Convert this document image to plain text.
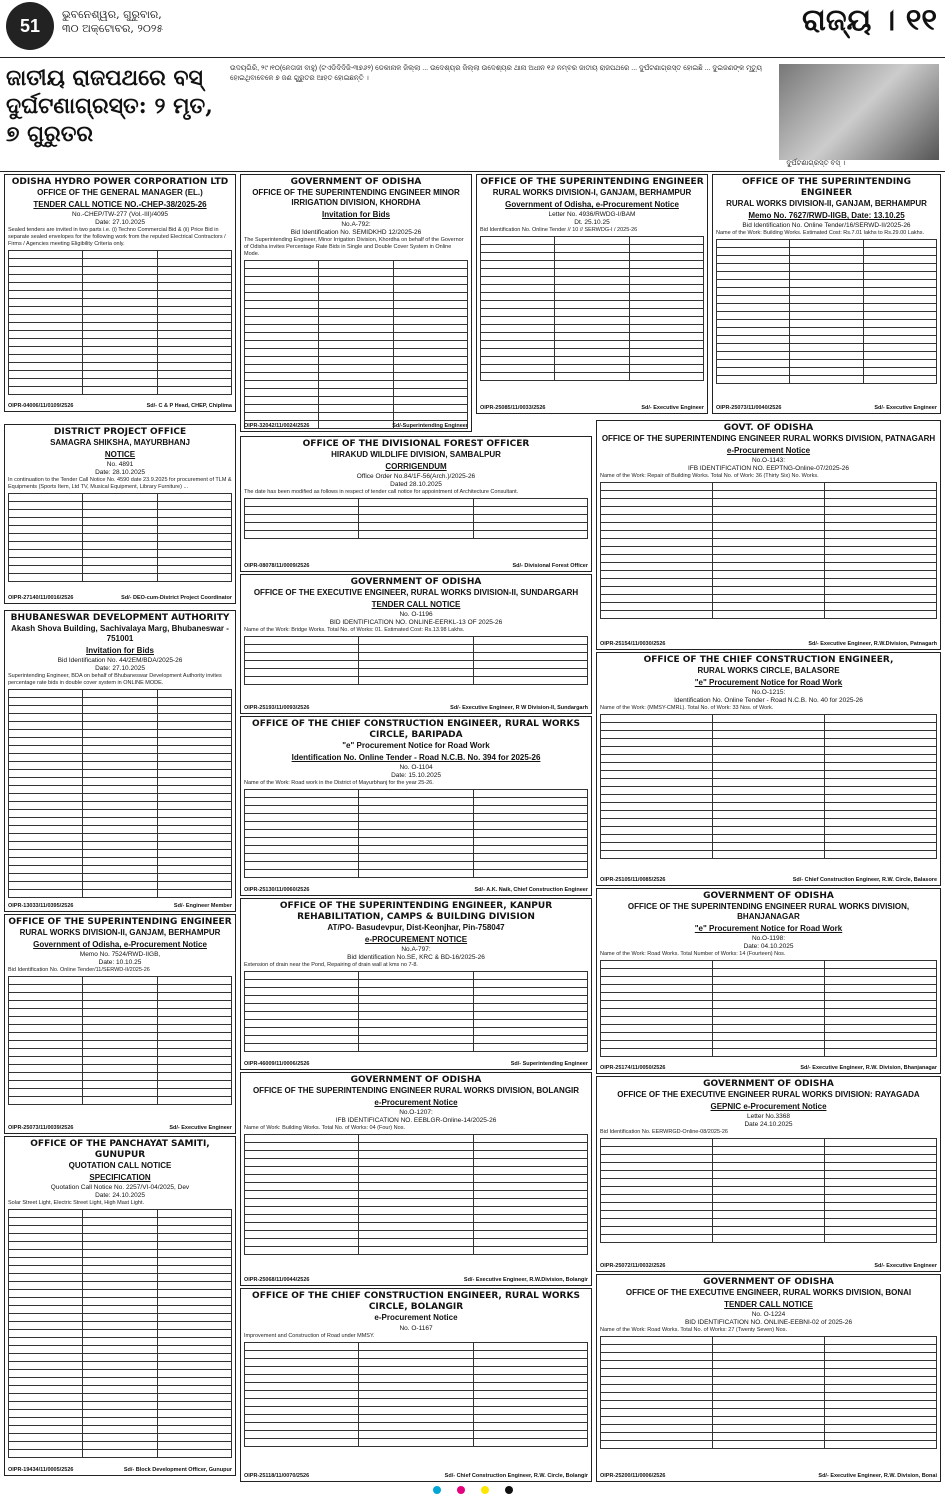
51
ଭୁବନେଶ୍ୱର, ଗୁରୁବାର,
୩୦ ଅକ୍ଟୋବର, ୨୦୨୫	ରାଜ୍ୟ । ୧୧
ଜାତୀୟ ରାଜପଥରେ ବସ୍ ଦୁର୍ଘଟଣାଗ୍ରସ୍ତ: ୨ ମୃତ, ୭ ଗୁରୁତର
ଉଦୟଗିରି, ୨୯।୧୦(ନେତାଜୀ ବାହୁ) (ଟଏଡିଦିଦିଜି-୩୭୬୨) ଡେକାନାଳ ଜିଲ୍ଲା ... ଉଦେଶ୍ୟର ଜିଲ୍ଲା ଉଦେଶ୍ୟର ଥାନା ଅଧୀନ ୧୬ ନମ୍ବର ଜାତୀୟ ରାଜପଥରେ ... ଦୁର୍ଘଟଣାଗ୍ରସ୍ତ ହୋଇଛି ... ଦୁଇଜଣଙ୍କ ମୃତ୍ୟୁ ହୋଇଥିବାବେଳେ ୭ ଜଣ ଗୁରୁତର ଆହତ ହୋଇଛନ୍ତି ।
ଦୁର୍ଘଟଣାଗ୍ରସ୍ତ ବସ୍ ।
ODISHA HYDRO POWER CORPORATION LTD
OFFICE OF THE GENERAL MANAGER (EL.)
TENDER CALL NOTICE NO.-CHEP-38/2025-26
No.-CHEP/TW-277 (Vol.-III)/4095
Date: 27.10.2025
Sealed tenders are invited in two parts i.e. (i) Techno Commercial Bid & (ii) Price Bid in separate sealed envelopes for the following work from the reputed Electrical Contractors / Firms / Agencies meeting Eligibility Criteria only.

OIPR-04006/11/0109/2526	Sd/- C & P Head, CHEP, Chiplima
GOVERNMENT OF ODISHA
OFFICE OF THE SUPERINTENDING ENGINEER MINOR IRRIGATION DIVISION, KHORDHA
Invitation for Bids
No.A-792:
Bid Identification No. SEMIDKHD 12/2025-26
The Superintending Engineer, Minor Irrigation Division, Khordha on behalf of the Governor of Odisha invites Percentage Rate Bids in Single and Double Cover System in Online Mode.

OIPR-32042/11/0024/2526	Sd/-Superintending Engineer
OFFICE OF THE SUPERINTENDING ENGINEER
RURAL WORKS DIVISION-I, GANJAM, BERHAMPUR
Government of Odisha, e-Procurement Notice
Letter No. 4936/RWDG-I/BAM
Dt. 25.10.25
Bid Identification No. Online Tender // 10 // SERWDG-I / 2025-26

OIPR-25085/11/0033/2526	Sd/- Executive Engineer
OFFICE OF THE SUPERINTENDING ENGINEER
RURAL WORKS DIVISION-II, GANJAM, BERHAMPUR
Memo No. 7627/RWD-IIGB, Date: 13.10.25
Bid Identification No. Online Tender/16/SERWD-II/2025-26
Name of the Work: Building Works. Estimated Cost: Rs.7.01 lakhs to Rs.29.00 Lakhs.

OIPR-25073/11/0040/2526	Sd/- Executive Engineer
DISTRICT PROJECT OFFICE
SAMAGRA SHIKSHA, MAYURBHANJ
NOTICE
No. 4891
Date: 28.10.2025
In continuation to the Tender Call Notice No. 4590 date 23.9.2025 for procurement of TLM & Equipments (Sports Item, Ltd TV, Musical Equipment, Library Furniture) ...

OIPR-27140/11/0016/2526	Sd/- DEO-cum-District Project Coordinator
OFFICE OF THE DIVISIONAL FOREST OFFICER
HIRAKUD WILDLIFE DIVISION, SAMBALPUR
CORRIGENDUM
Office Order No.84/1F-56(Arch.)/2025-26
Dated 28.10.2025
The date has been modified as follows in respect of tender call notice for appointment of Architecture Consultant.

OIPR-08078/11/0009/2526	Sd/- Divisional Forest Officer
GOVT. OF ODISHA
OFFICE OF THE SUPERINTENDING ENGINEER RURAL WORKS DIVISION, PATNAGARH
e-Procurement Notice
No.O-1143:
IFB IDENTIFICATION NO. EEPTNG-Online-07/2025-26
Name of the Work: Repair of Building Works. Total No. of Work: 36 (Thirty Six) No. Works.

OIPR-25154/11/0030/2526	Sd/- Executive Engineer, R.W.Division, Patnagarh
BHUBANESWAR DEVELOPMENT AUTHORITY
Akash Shova Building, Sachivalaya Marg, Bhubaneswar - 751001
Invitation for Bids
Bid Identification No. 44/2EM/BDA/2025-26
Date: 27.10.2025
Superintending Engineer, BDA on behalf of Bhubaneswar Development Authority invites percentage rate bids in double cover system in ONLINE MODE.

OIPR-13033/11/0395/2526	Sd/- Engineer Member
GOVERNMENT OF ODISHA
OFFICE OF THE EXECUTIVE ENGINEER, RURAL WORKS DIVISION-II, SUNDARGARH
TENDER CALL NOTICE
No. O-1196
BID IDENTIFICATION NO. ONLINE-EERKL-13 OF 2025-26
Name of the Work: Bridge Works. Total No. of Works: 01. Estimated Cost: Rs.13.98 Lakhs.

OIPR-25193/11/0093/2526	Sd/- Executive Engineer, R W Division-II, Sundargarh
OFFICE OF THE CHIEF CONSTRUCTION ENGINEER, RURAL WORKS CIRCLE, BARIPADA
"e" Procurement Notice for Road Work
Identification No. Online Tender - Road N.C.B. No. 394 for 2025-26
No. O-1104
Date: 15.10.2025
Name of the Work: Road work in the District of Mayurbhanj for the year 25-26.

OIPR-25130/11/0060/2526	Sd/- A.K. Naik, Chief Construction Engineer
OFFICE OF THE CHIEF CONSTRUCTION ENGINEER,
RURAL WORKS CIRCLE, BALASORE
"e" Procurement Notice for Road Work
No.O-1215:
Identification No. Online Tender - Road N.C.B. No. 40 for 2025-26
Name of the Work: (MMSY-CMRL). Total No. of Work: 33 Nos. of Work.

OIPR-25105/11/0085/2526	Sd/- Chief Construction Engineer, R.W. Circle, Balasore
OFFICE OF THE SUPERINTENDING ENGINEER
RURAL WORKS DIVISION-II, GANJAM, BERHAMPUR
Government of Odisha, e-Procurement Notice
Memo No. 7524/RWD-IIGB,
Date: 10.10.25
Bid Identification No. Online Tender/11/SERWD-II/2025-26

OIPR-25073/11/0039/2526	Sd/- Executive Engineer
OFFICE OF THE SUPERINTENDING ENGINEER, KANPUR REHABILITATION, CAMPS & BUILDING DIVISION
AT/PO- Basudevpur, Dist-Keonjhar, Pin-758047
e-PROCUREMENT NOTICE
No.A-797:
Bid Identification No.SE, KRC & BD-16/2025-26
Extension of drain near the Pond, Repairing of drain wall at kms no 7-8.

OIPR-46009/11/0006/2526	Sd/- Superintending Engineer
GOVERNMENT OF ODISHA
OFFICE OF THE SUPERINTENDING ENGINEER RURAL WORKS DIVISION, BHANJANAGAR
"e" Procurement Notice for Road Work
No.O-1198:
Date: 04.10.2025
Name of the Work: Road Works. Total Number of Works: 14 (Fourteen) Nos.

OIPR-25174/11/0050/2526	Sd/- Executive Engineer, R.W. Division, Bhanjanagar
OFFICE OF THE PANCHAYAT SAMITI, GUNUPUR
QUOTATION CALL NOTICE
SPECIFICATION
Quotation Call Notice No. 2257/VI-04/2025, Dev
Date: 24.10.2025
Solar Street Light, Electric Street Light, High Mast Light.

OIPR-19434/11/0005/2526	Sd/- Block Development Officer, Gunupur
GOVERNMENT OF ODISHA
OFFICE OF THE SUPERINTENDING ENGINEER RURAL WORKS DIVISION, BOLANGIR
e-Procurement Notice
No.O-1207:
IFB IDENTIFICATION NO. EEBLGR-Online-14/2025-26
Name of Work: Building Works. Total No. of Works: 04 (Four) Nos.

OIPR-25068/11/0044/2526	Sd/- Executive Engineer, R.W.Division, Bolangir
GOVERNMENT OF ODISHA
OFFICE OF THE EXECUTIVE ENGINEER RURAL WORKS DIVISION: RAYAGADA
GEPNIC e-Procurement Notice
Letter No.3368
Date 24.10.2025
Bid Identification No. EERWRGD-Online-08/2025-26

OIPR-25072/11/0032/2526	Sd/- Executive Engineer
OFFICE OF THE CHIEF CONSTRUCTION ENGINEER, RURAL WORKS CIRCLE, BOLANGIR
e-Procurement Notice
No. O-1167
Improvement and Construction of Road under MMSY.

OIPR-25118/11/0070/2526	Sd/- Chief Construction Engineer, R.W. Circle, Bolangir
GOVERNMENT OF ODISHA
OFFICE OF THE EXECUTIVE ENGINEER, RURAL WORKS DIVISION, BONAI
TENDER CALL NOTICE
No. O-1224
BID IDENTIFICATION NO. ONLINE-EEBNI-02 of 2025-26
Name of the Work: Road Works. Total No. of Works: 27 (Twenty Seven) Nos.

OIPR-25200/11/0006/2526	Sd/- Executive Engineer, R.W. Division, Bonai
